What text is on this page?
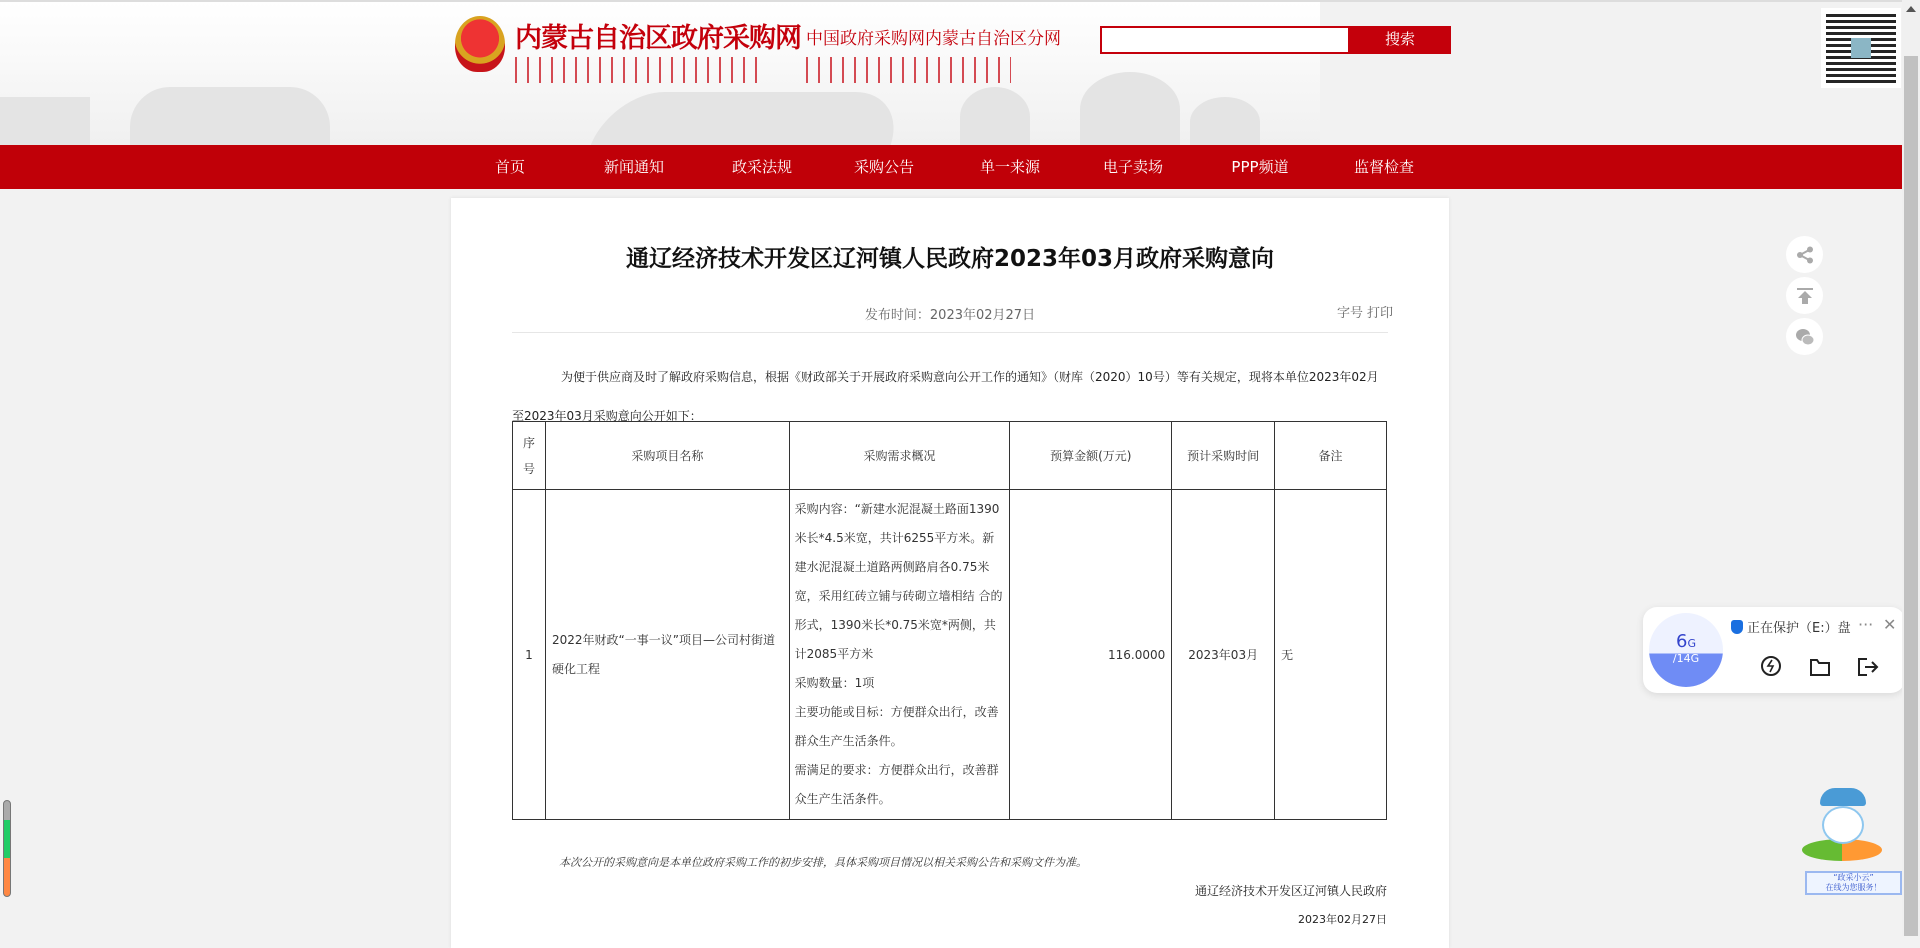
内蒙古自治区政府采购网 中国政府采购网内蒙古自治区分网	搜索
首页	新闻通知	政采法规	采购公告	单一来源	电子卖场	PPP频道	监督检查
通辽经济技术开发区辽河镇人民政府2023年03月政府采购意向
发布时间：2023年02月27日	字号 打印

为便于供应商及时了解政府采购信息，根据《财政部关于开展政府采购意向公开工作的通知》（财库（2020）10号）等有关规定，现将本单位2023年02月至2023年03月采购意向公开如下：

序号	采购项目名称	采购需求概况	预算金额(万元)	预计采购时间	备注
1	2022年财政“一事一议”项目—公司村街道硬化工程	采购内容：“新建水泥混凝土路面1390米长*4.5米宽，共计6255平方米。新建水泥混凝土道路两侧路肩各0.75米宽，采用红砖立铺与砖砌立墙相结 合的形式，1390米长*0.75米宽*两侧，共计2085平方米
采购数量：1项
主要功能或目标：方便群众出行，改善群众生产生活条件。
需满足的要求：方便群众出行，改善群众生产生活条件。	116.0000	2023年03月	无
本次公开的采购意向是本单位政府采购工作的初步安排，具体采购项目情况以相关采购公告和采购文件为准。
通辽经济技术开发区辽河镇人民政府
2023年02月27日
6G
/14G
正在保护（E:）盘 ··· ✕
“政采小云”
在线为您服务！
